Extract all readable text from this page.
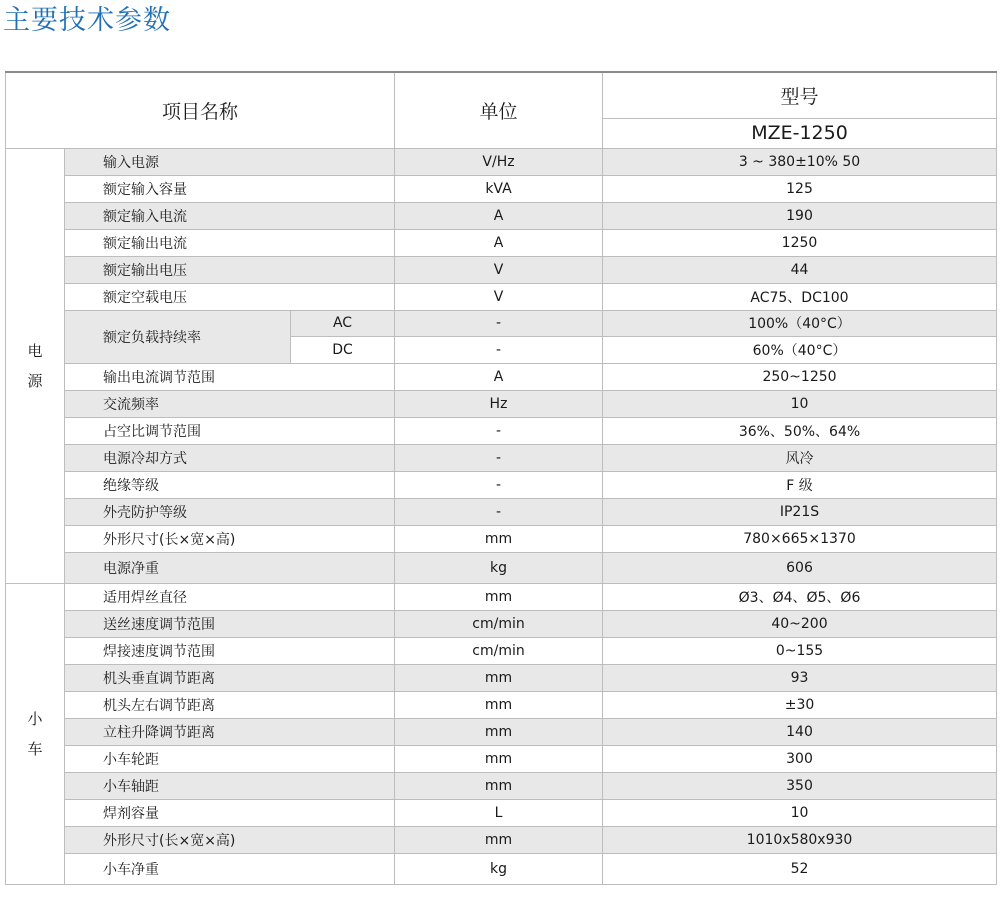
主要技术参数
项目名称			单位	型号
				MZE-1250

电
源	输入电源		V/Hz	3 ~ 380±10% 50
	额定输入容量		kVA	125
	额定输入电流		A	190
	额定输出电流		A	1250
	额定输出电压		V	44
	额定空载电压		V	AC75、DC100
	额定负载持续率	AC	-	100%（40°C）
		DC	-	60%（40°C）
	输出电流调节范围		A	250~1250
	交流频率		Hz	10
	占空比调节范围		-	36%、50%、64%
	电源冷却方式		-	风冷
	绝缘等级		-	F 级
	外壳防护等级		-	IP21S
	外形尺寸(长×宽×高)		mm	780×665×1370
	电源净重		kg	606

小
车	适用焊丝直径		mm	Ø3、Ø4、Ø5、Ø6
	送丝速度调节范围		cm/min	40~200
	焊接速度调节范围		cm/min	0~155
	机头垂直调节距离		mm	93
	机头左右调节距离		mm	±30
	立柱升降调节距离		mm	140
	小车轮距		mm	300
	小车轴距		mm	350
	焊剂容量		L	10
	外形尺寸(长×宽×高)		mm	1010x580x930
	小车净重		kg	52
